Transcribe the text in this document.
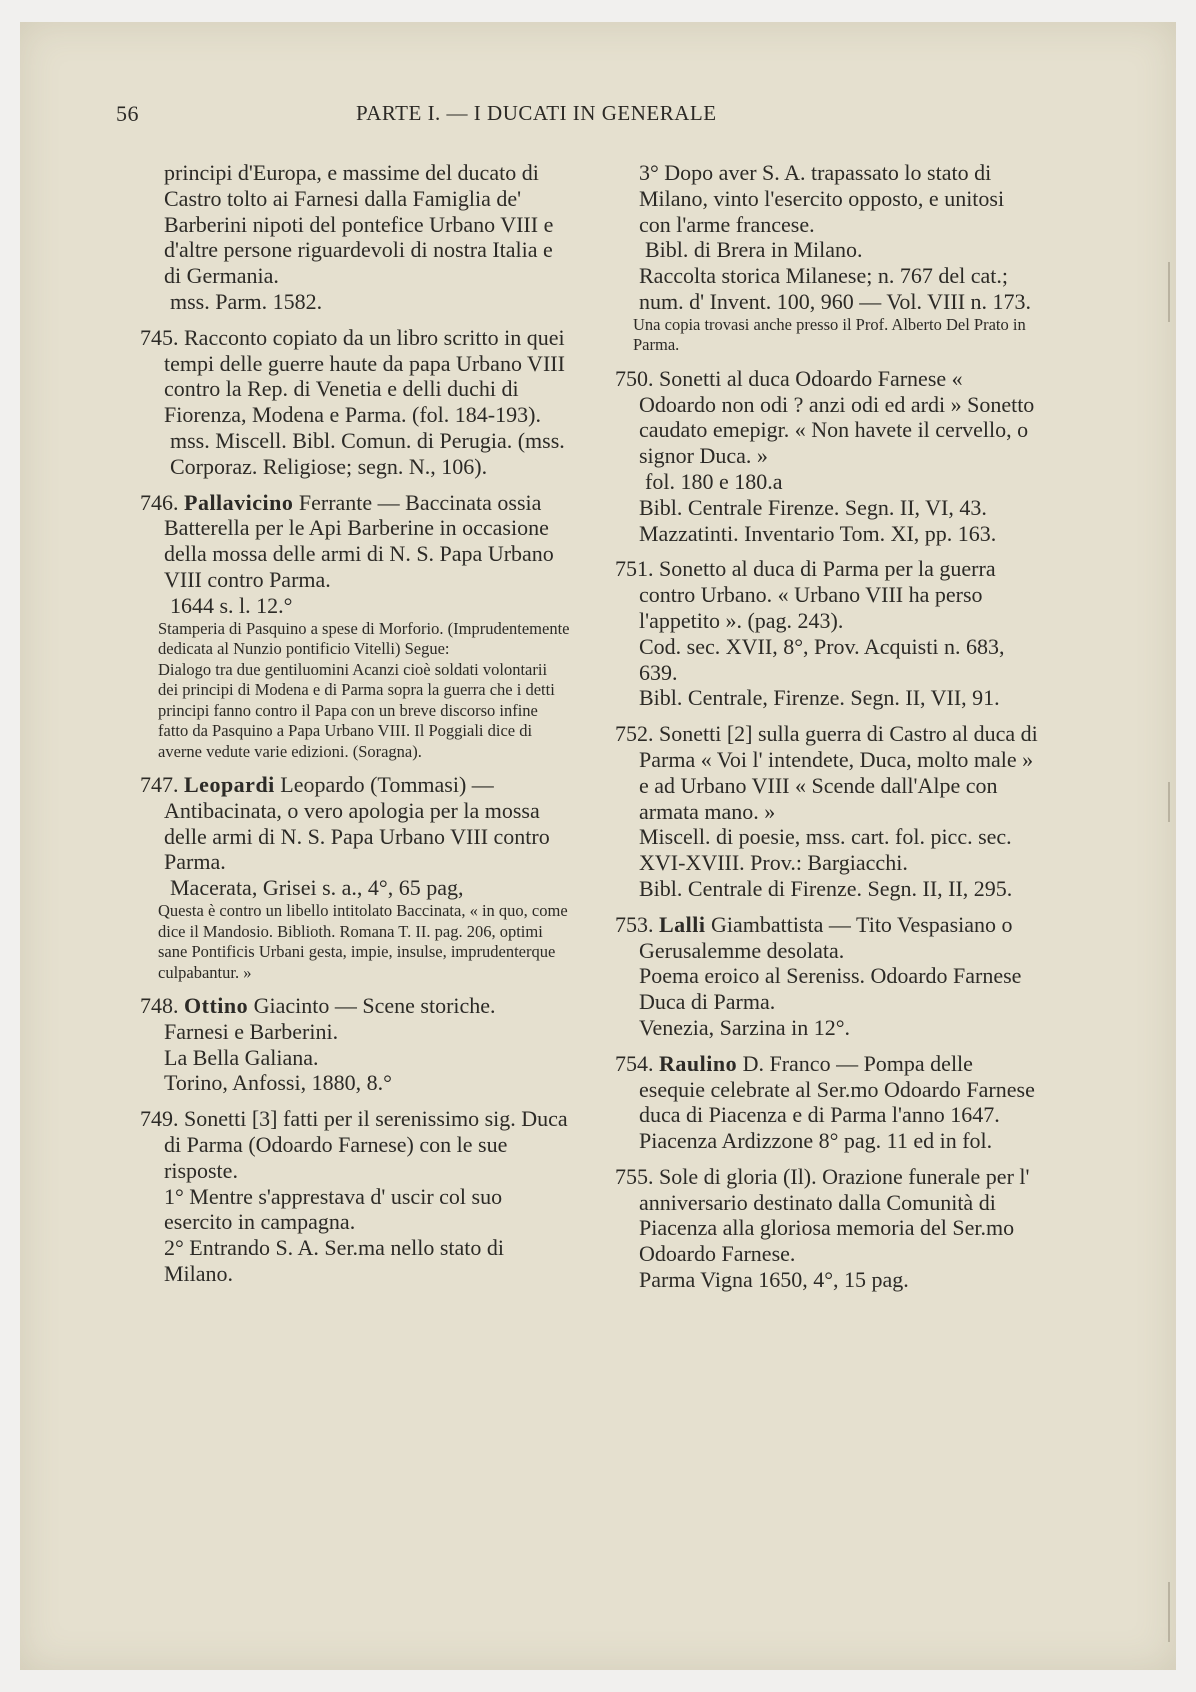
56	PARTE I. — I DUCATI IN GENERALE

principi d'Europa, e massime del ducato di Castro tolto ai Farnesi dalla Famiglia de' Barberini nipoti del pontefice Urbano VIII e d'altre persone riguardevoli di nostra Italia e di Germania.

mss. Parm. 1582.

745. Racconto copiato da un libro scritto in quei tempi delle guerre haute da papa Urbano VIII contro la Rep. di Venetia e delli duchi di Fiorenza, Modena e Parma. (fol. 184-193).

mss. Miscell. Bibl. Comun. di Perugia. (mss. Corporaz. Religiose; segn. N., 106).

746. Pallavicino Ferrante — Baccinata ossia Batterella per le Api Barberine in occasione della mossa delle armi di N. S. Papa Urbano VIII contro Parma.

1644 s. l. 12.°

Stamperia di Pasquino a spese di Morforio. (Imprudentemente dedicata al Nunzio pontificio Vitelli) Segue:

Dialogo tra due gentiluomini Acanzi cioè soldati volontarii dei principi di Modena e di Parma sopra la guerra che i detti principi fanno contro il Papa con un breve discorso infine fatto da Pasquino a Papa Urbano VIII. Il Poggiali dice di averne vedute varie edizioni. (Soragna).

747. Leopardi Leopardo (Tommasi) — Antibacinata, o vero apologia per la mossa delle armi di N. S. Papa Urbano VIII contro Parma.

Macerata, Grisei s. a., 4°, 65 pag,

Questa è contro un libello intitolato Baccinata, « in quo, come dice il Mandosio. Biblioth. Romana T. II. pag. 206, optimi sane Pontificis Urbani gesta, impie, insulse, imprudenterque culpabantur. »

748. Ottino Giacinto — Scene storiche.

Farnesi e Barberini.

La Bella Galiana.

Torino, Anfossi, 1880, 8.°

749. Sonetti [3] fatti per il serenissimo sig. Duca di Parma (Odoardo Farnese) con le sue risposte.

1° Mentre s'apprestava d' uscir col suo esercito in campagna.

2° Entrando S. A. Ser.ma nello stato di Milano.

3° Dopo aver S. A. trapassato lo stato di Milano, vinto l'esercito opposto, e unitosi con l'arme francese.

Bibl. di Brera in Milano.

Raccolta storica Milanese; n. 767 del cat.; num. d' Invent. 100, 960 — Vol. VIII n. 173.

Una copia trovasi anche presso il Prof. Alberto Del Prato in Parma.

750. Sonetti al duca Odoardo Farnese « Odoardo non odi ? anzi odi ed ardi » Sonetto caudato emepigr. « Non havete il cervello, o signor Duca. »

fol. 180 e 180.a

Bibl. Centrale Firenze. Segn. II, VI, 43. Mazzatinti. Inventario Tom. XI, pp. 163.

751. Sonetto al duca di Parma per la guerra contro Urbano. « Urbano VIII ha perso l'appetito ». (pag. 243).

Cod. sec. XVII, 8°, Prov. Acquisti n. 683, 639.

Bibl. Centrale, Firenze. Segn. II, VII, 91.

752. Sonetti [2] sulla guerra di Castro al duca di Parma « Voi l' intendete, Duca, molto male » e ad Urbano VIII « Scende dall'Alpe con armata mano. »

Miscell. di poesie, mss. cart. fol. picc. sec. XVI-XVIII. Prov.: Bargiacchi.

Bibl. Centrale di Firenze. Segn. II, II, 295.

753. Lalli Giambattista — Tito Vespasiano o Gerusalemme desolata.

Poema eroico al Sereniss. Odoardo Farnese Duca di Parma.

Venezia, Sarzina in 12°.

754. Raulino D. Franco — Pompa delle esequie celebrate al Ser.mo Odoardo Farnese duca di Piacenza e di Parma l'anno 1647.

Piacenza Ardizzone 8° pag. 11 ed in fol.

755. Sole di gloria (Il). Orazione funerale per l' anniversario destinato dalla Comunità di Piacenza alla gloriosa memoria del Ser.mo Odoardo Farnese.

Parma Vigna 1650, 4°, 15 pag.
